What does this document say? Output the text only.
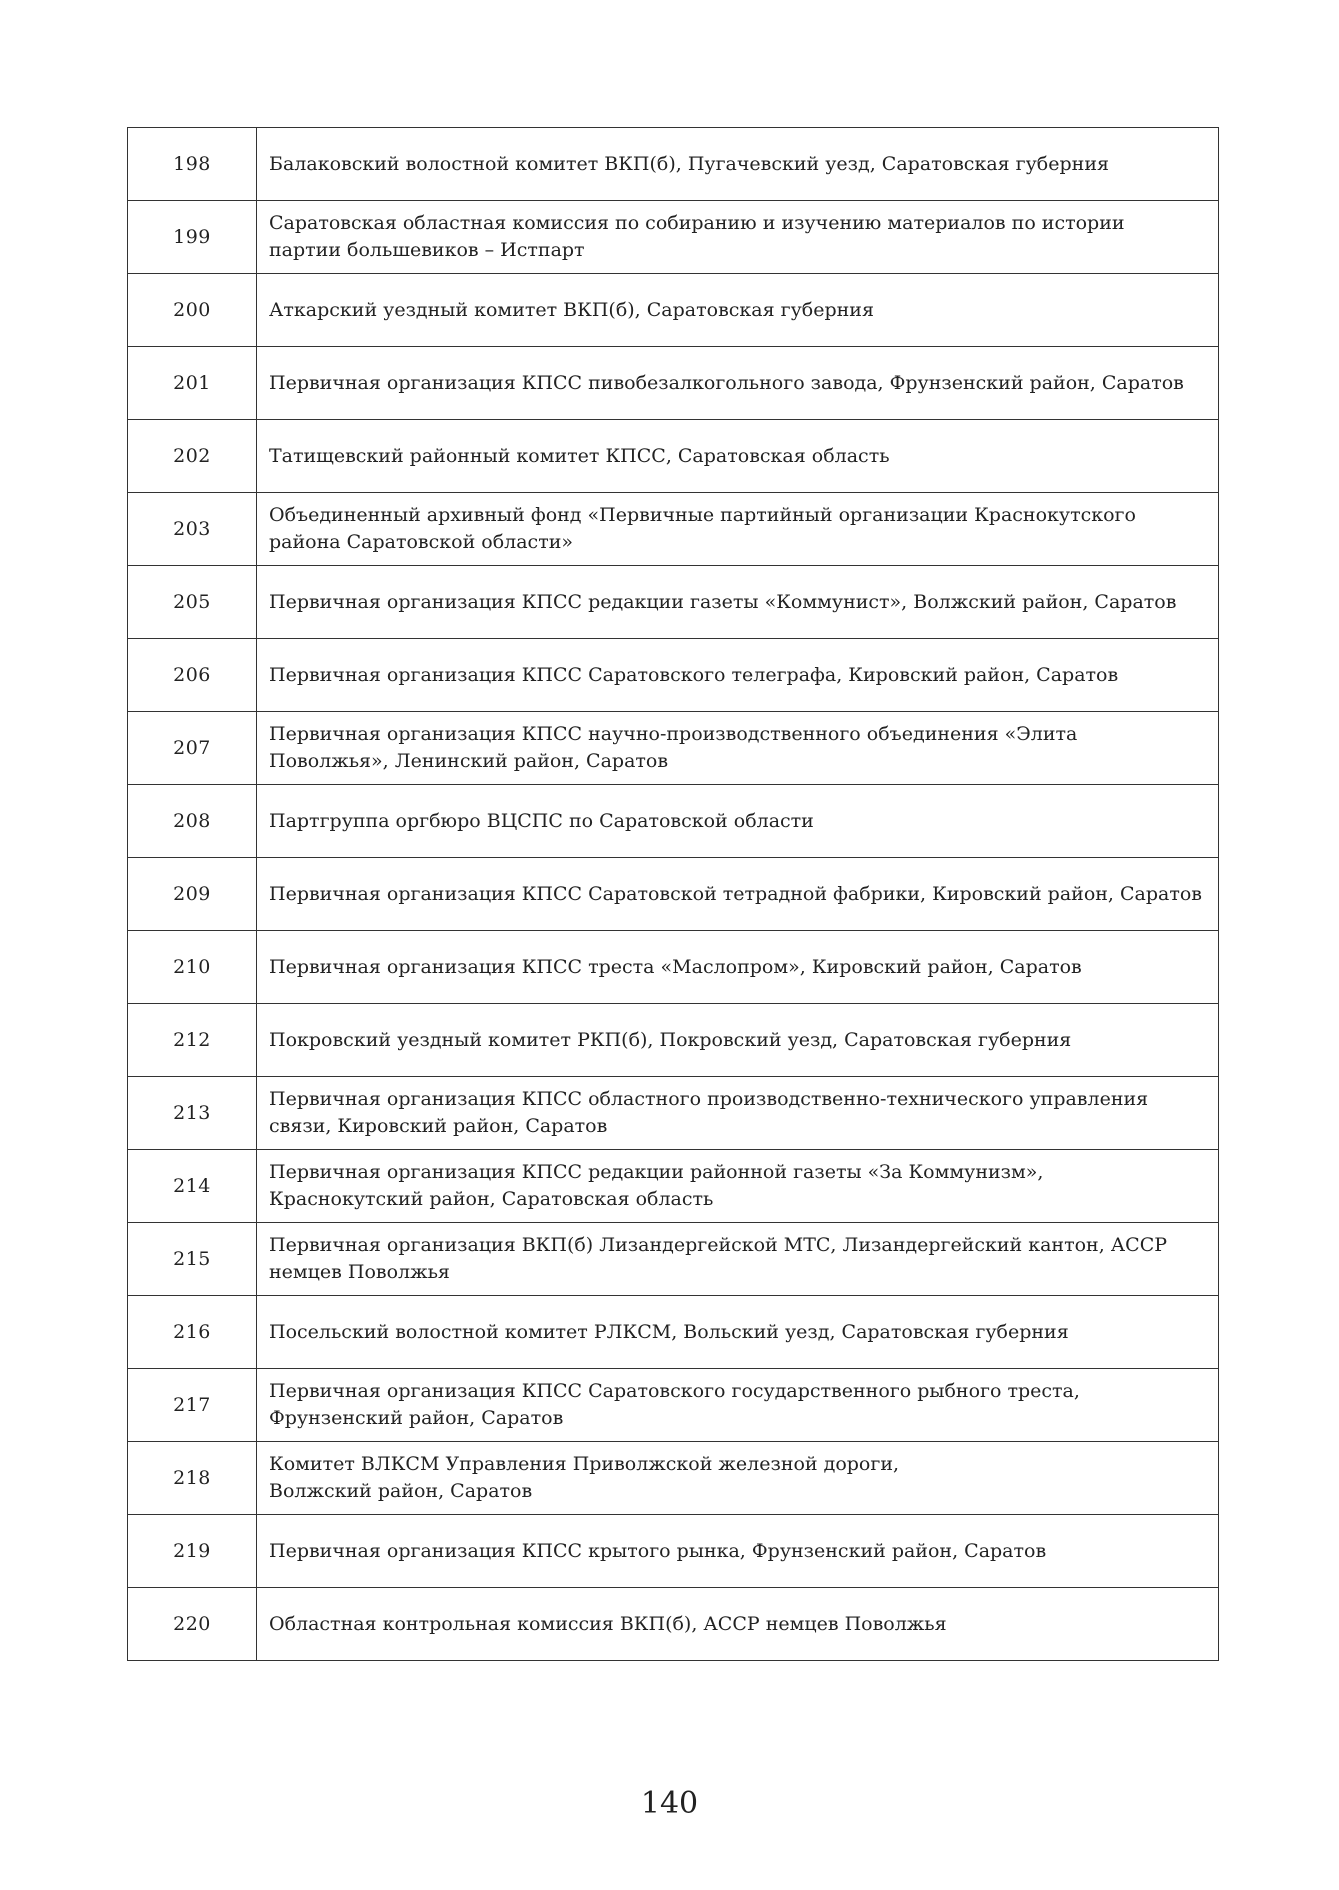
198	Балаковский волостной комитет ВКП(б), Пугачевский уезд, Саратовская губерния
199	Саратовская областная комиссия по собиранию и изучению материалов по истории партии большевиков – Истпарт
200	Аткарский уездный комитет ВКП(б), Саратовская губерния
201	Первичная организация КПСС пивобезалкогольного завода, Фрунзенский район, Саратов
202	Татищевский районный комитет КПСС, Саратовская область
203	Объединенный архивный фонд «Первичные партийный организации Краснокутского района Саратовской области»
205	Первичная организация КПСС редакции газеты «Коммунист», Волжский район, Саратов
206	Первичная организация КПСС Саратовского телеграфа, Кировский район, Саратов
207	Первичная организация КПСС научно-производственного объединения «Элита Поволжья», Ленинский район, Саратов
208	Партгруппа оргбюро ВЦСПС по Саратовской области
209	Первичная организация КПСС Саратовской тетрадной фабрики, Кировский район, Саратов
210	Первичная организация КПСС треста «Маслопром», Кировский район, Саратов
212	Покровский уездный комитет РКП(б), Покровский уезд, Саратовская губерния
213	Первичная организация КПСС областного производственно-технического управления связи, Кировский район, Саратов
214	Первичная организация КПСС редакции районной газеты «За Коммунизм», Краснокутский район, Саратовская область
215	Первичная организация ВКП(б) Лизандергейской МТС, Лизандергейский кантон, АССР немцев Поволжья
216	Посельский волостной комитет РЛКСМ, Вольский уезд, Саратовская губерния
217	Первичная организация КПСС Саратовского государственного рыбного треста, Фрунзенский район, Саратов
218	Комитет ВЛКСМ Управления Приволжской железной дороги,
Волжский район, Саратов
219	Первичная организация КПСС крытого рынка, Фрунзенский район, Саратов
220	Областная контрольная комиссия ВКП(б), АССР немцев Поволжья
140
